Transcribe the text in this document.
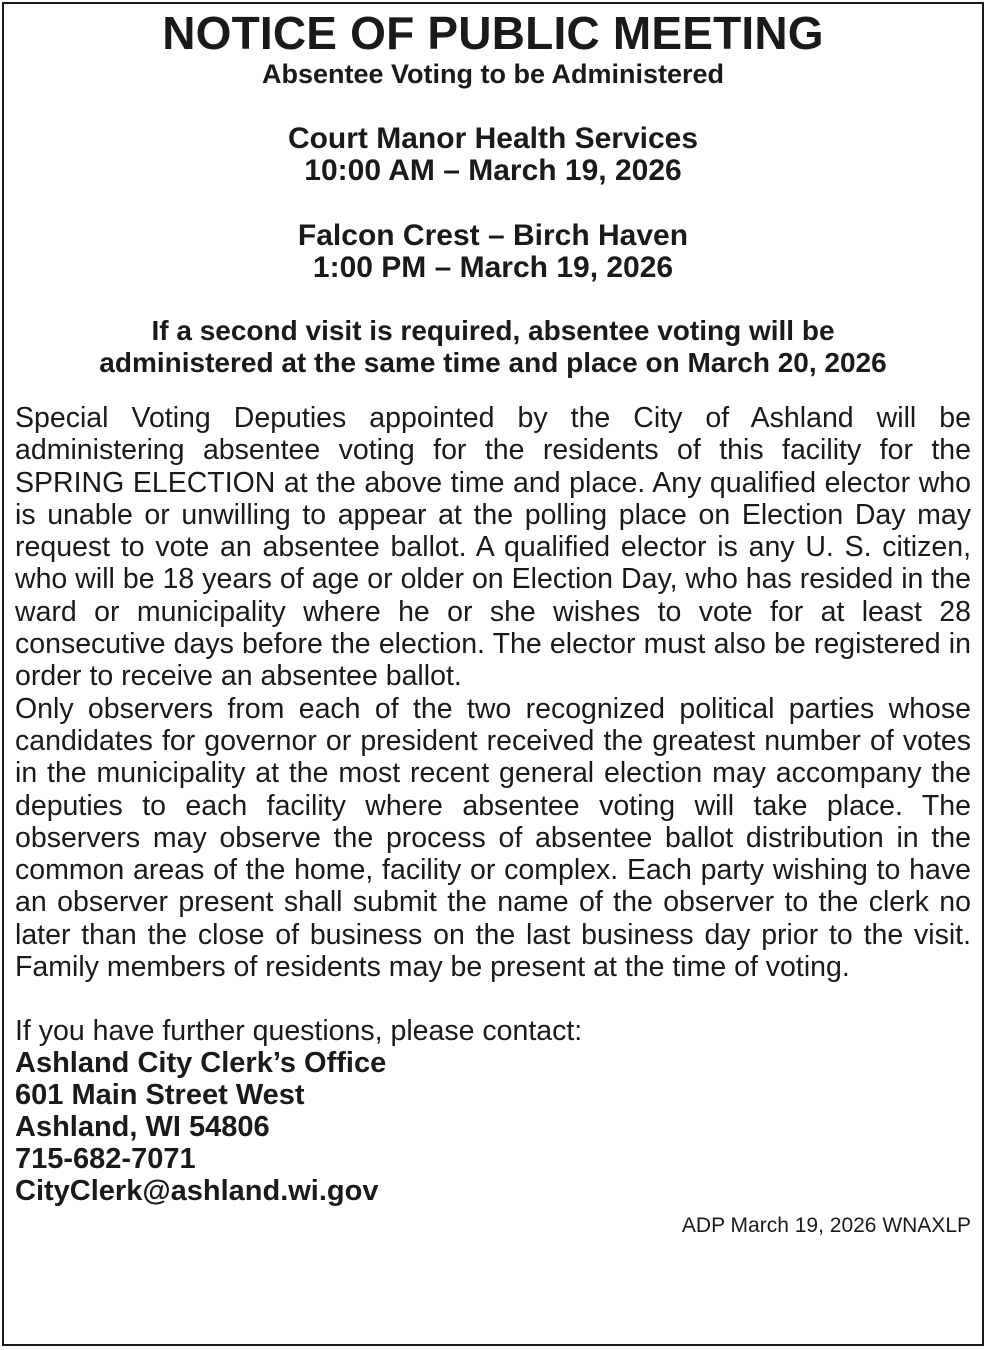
NOTICE OF PUBLIC MEETING

Absentee Voting to be Administered

Court Manor Health Services

10:00 AM – March 19, 2026

Falcon Crest – Birch Haven

1:00 PM – March 19, 2026

If a second visit is required, absentee voting will be

administered at the same time and place on March 20, 2026

Special Voting Deputies appointed by the City of Ashland will be administering absentee voting for the residents of this facility for the SPRING ELECTION at the above time and place. Any qualified elector who is unable or unwilling to appear at the polling place on Election Day may request to vote an absentee ballot. A qualified elector is any U. S. citizen, who will be 18 years of age or older on Election Day, who has resided in the ward or municipality where he or she wishes to vote for at least 28 consecutive days before the election. The elector must also be registered in order to receive an absentee ballot.

Only observers from each of the two recognized political parties whose candidates for governor or president received the greatest number of votes in the municipality at the most recent general election may accompany the deputies to each facility where absentee voting will take place. The observers may observe the process of absentee ballot distribution in the common areas of the home, facility or complex. Each party wishing to have an observer present shall submit the name of the observer to the clerk no later than the close of business on the last business day prior to the visit. Family members of residents may be present at the time of voting.

If you have further questions, please contact:

Ashland City Clerk’s Office

601 Main Street West

Ashland, WI 54806

715-682-7071

CityClerk@ashland.wi.gov

ADP March 19, 2026 WNAXLP
